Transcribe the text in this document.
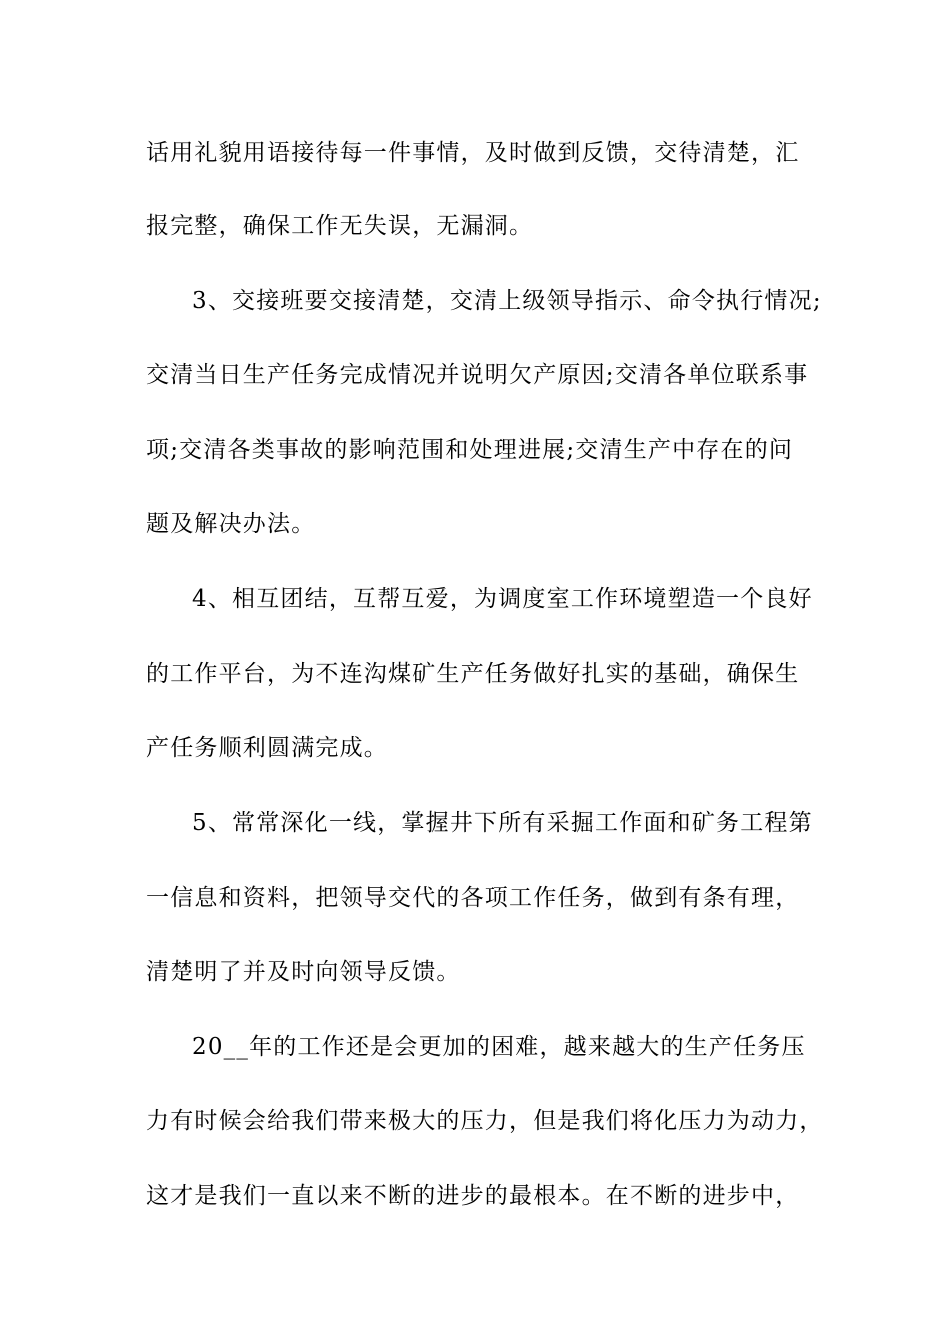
话用礼貌用语接待每一件事情，及时做到反馈，交待清楚，汇
报完整，确保工作无失误，无漏洞。
3、交接班要交接清楚，交清上级领导指示、命令执行情况;
交清当日生产任务完成情况并说明欠产原因;交清各单位联系事
项;交清各类事故的影响范围和处理进展;交清生产中存在的问
题及解决办法。
4、相互团结，互帮互爱，为调度室工作环境塑造一个良好
的工作平台，为不连沟煤矿生产任务做好扎实的基础，确保生
产任务顺利圆满完成。
5、常常深化一线，掌握井下所有采掘工作面和矿务工程第
一信息和资料，把领导交代的各项工作任务，做到有条有理，
清楚明了并及时向领导反馈。
20__年的工作还是会更加的困难，越来越大的生产任务压
力有时候会给我们带来极大的压力，但是我们将化压力为动力，
这才是我们一直以来不断的进步的最根本。在不断的进步中，
